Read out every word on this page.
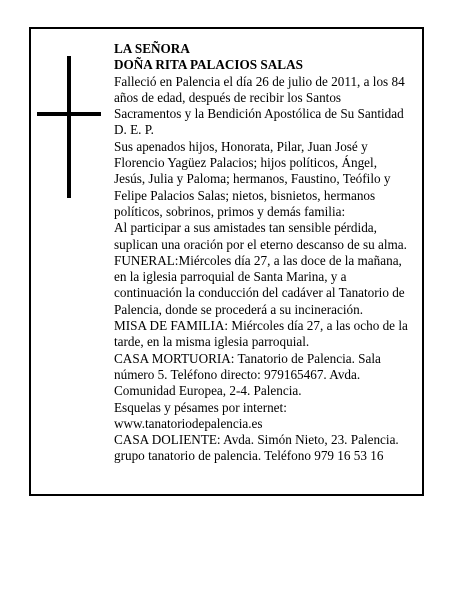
LA SEÑORA

DOÑA RITA PALACIOS SALAS

Falleció en Palencia el día 26 de julio de 2011, a los 84

años de edad, después de recibir los Santos

Sacramentos y la Bendición Apostólica de Su Santidad

D. E. P.

Sus apenados hijos, Honorata, Pilar, Juan José y

Florencio Yagüez Palacios; hijos políticos, Ángel,

Jesús, Julia y Paloma; hermanos, Faustino, Teófilo y

Felipe Palacios Salas; nietos, bisnietos, hermanos

políticos, sobrinos, primos y demás familia:

Al participar a sus amistades tan sensible pérdida,

suplican una oración por el eterno descanso de su alma.

FUNERAL:Miércoles día 27, a las doce de la mañana,

en la iglesia parroquial de Santa Marina, y a

continuación la conducción del cadáver al Tanatorio de

Palencia, donde se procederá a su incineración.

MISA DE FAMILIA: Miércoles día 27, a las ocho de la

tarde, en la misma iglesia parroquial.

CASA MORTUORIA: Tanatorio de Palencia. Sala

número 5. Teléfono directo: 979165467. Avda.

Comunidad Europea, 2-4. Palencia.

Esquelas y pésames por internet:

www.tanatoriodepalencia.es

CASA DOLIENTE: Avda. Simón Nieto, 23. Palencia.

grupo tanatorio de palencia. Teléfono 979 16 53 16
